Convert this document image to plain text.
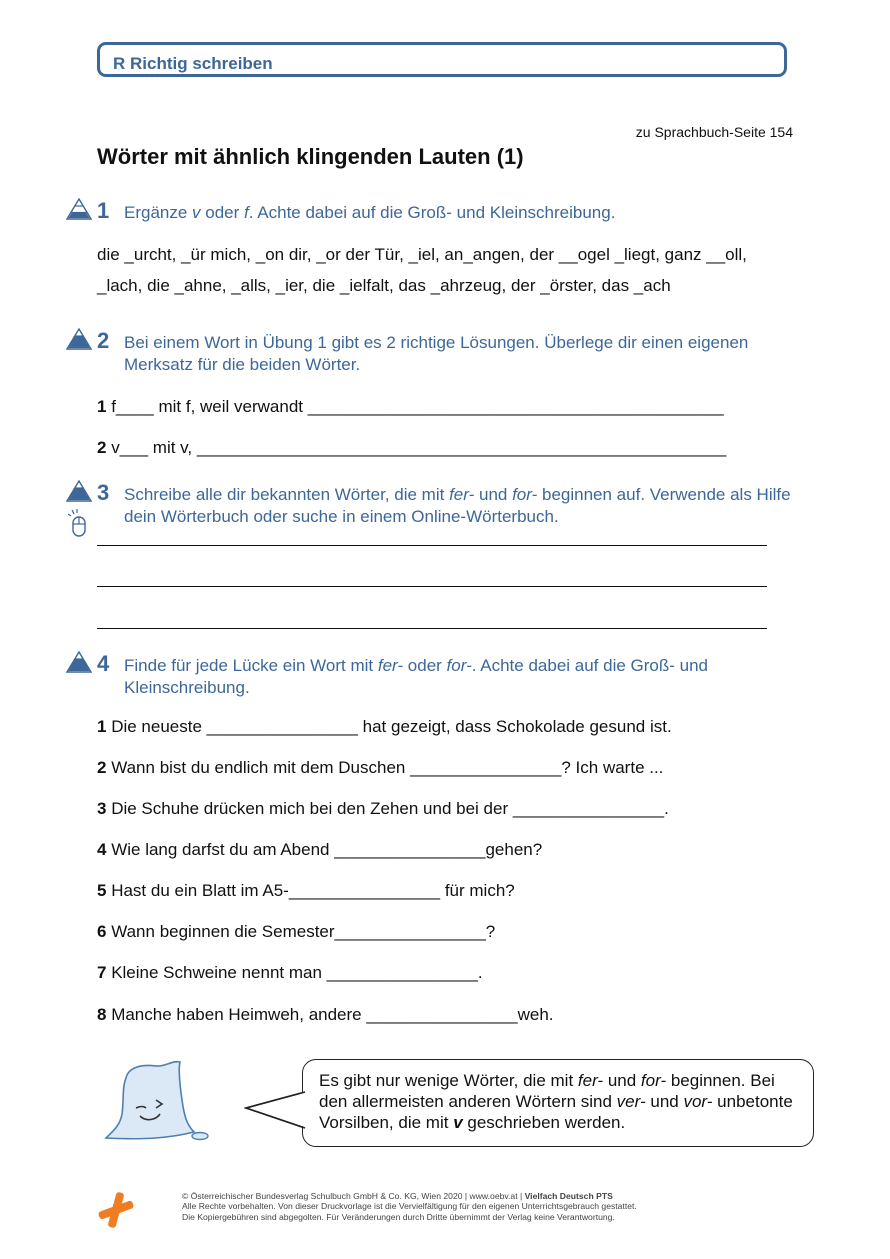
R Richtig schreiben
zu Sprachbuch-Seite 154
Wörter mit ähnlich klingenden Lauten (1)
1 Ergänze v oder f. Achte dabei auf die Groß- und Kleinschreibung.
die _urcht, _ür mich, _on dir, _or der Tür, _iel, an_angen, der __ogel _liegt, ganz __oll,
_lach, die _ahne, _alls, _ier, die _ielfalt, das _ahrzeug, der _örster, das _ach
2 Bei einem Wort in Übung 1 gibt es 2 richtige Lösungen. Überlege dir einen eigenen Merksatz für die beiden Wörter.
1 f____ mit f, weil verwandt ____________________________________________
2 v___ mit v, ________________________________________________________
3 Schreibe alle dir bekannten Wörter, die mit fer- und for- beginnen auf. Verwende als Hilfe dein Wörterbuch oder suche in einem Online-Wörterbuch.
4 Finde für jede Lücke ein Wort mit fer- oder for-. Achte dabei auf die Groß- und Kleinschreibung.
1 Die neueste ________________ hat gezeigt, dass Schokolade gesund ist.
2 Wann bist du endlich mit dem Duschen ________________? Ich warte ...
3 Die Schuhe drücken mich bei den Zehen und bei der ________________.
4 Wie lang darfst du am Abend ________________gehen?
5 Hast du ein Blatt im A5-________________ für mich?
6 Wann beginnen die Semester________________?
7 Kleine Schweine nennt man ________________.
8 Manche haben Heimweh, andere ________________weh.
Es gibt nur wenige Wörter, die mit fer- und for- beginnen. Bei den allermeisten anderen Wörtern sind ver- und vor- unbetonte Vorsilben, die mit v geschrieben werden.
© Österreichischer Bundesverlag Schulbuch GmbH & Co. KG, Wien 2020 | www.oebv.at | Vielfach Deutsch PTS
Alle Rechte vorbehalten. Von dieser Druckvorlage ist die Vervielfältigung für den eigenen Unterrichtsgebrauch gestattet.
Die Kopiergebühren sind abgegolten. Für Veränderungen durch Dritte übernimmt der Verlag keine Verantwortung.
